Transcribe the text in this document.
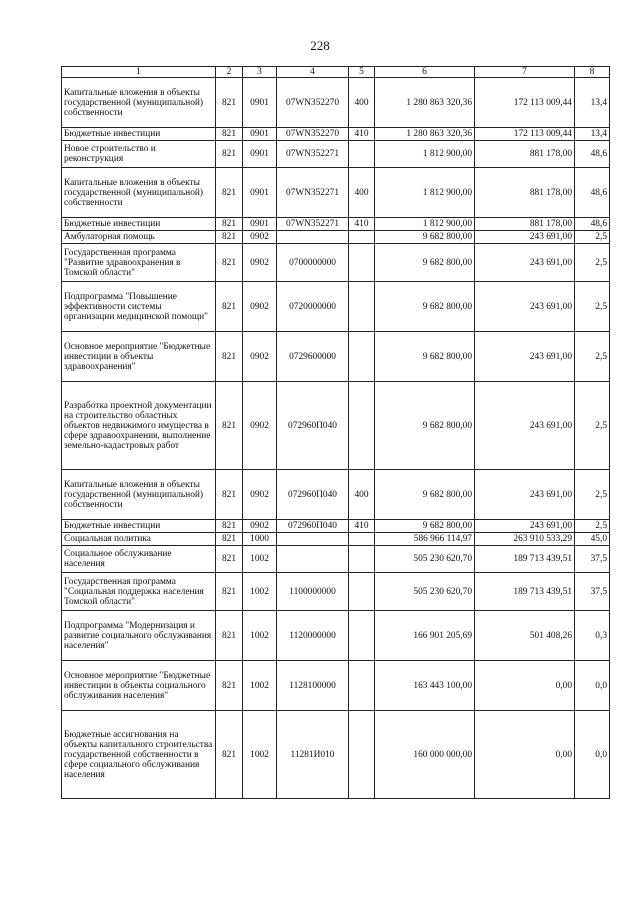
228
1	2	3	4	5	6	7	8
Капитальные вложения в объекты государственной (муниципальной) собственности	821	0901	07WN352270	400	1 280 863 320,36	172 113 009,44	13,4
Бюджетные инвестиции	821	0901	07WN352270	410	1 280 863 320,36	172 113 009,44	13,4
Новое строительство и реконструкция	821	0901	07WN352271		1 812 900,00	881 178,00	48,6
Капитальные вложения в объекты государственной (муниципальной) собственности	821	0901	07WN352271	400	1 812 900,00	881 178,00	48,6
Бюджетные инвестиции	821	0901	07WN352271	410	1 812 900,00	881 178,00	48,6
Амбулаторная помощь	821	0902			9 682 800,00	243 691,00	2,5
Государственная программа "Развитие здравоохранения в Томской области"	821	0902	0700000000		9 682 800,00	243 691,00	2,5
Подпрограмма "Повышение эффективности системы организации медицинской помощи"	821	0902	0720000000		9 682 800,00	243 691,00	2,5
Основное мероприятие "Бюджетные инвестиции в объекты здравоохранения"	821	0902	0729600000		9 682 800,00	243 691,00	2,5
Разработка проектной документации на строительство областных объектов недвижимого имущества в сфере здравоохранения, выполнение земельно-кадастровых работ	821	0902	072960П040		9 682 800,00	243 691,00	2,5
Капитальные вложения в объекты государственной (муниципальной) собственности	821	0902	072960П040	400	9 682 800,00	243 691,00	2,5
Бюджетные инвестиции	821	0902	072960П040	410	9 682 800,00	243 691,00	2,5
Социальная политика	821	1000			586 966 114,97	263 910 533,29	45,0
Социальное обслуживание населения	821	1002			505 230 620,70	189 713 439,51	37,5
Государственная программа "Социальная поддержка населения Томской области"	821	1002	1100000000		505 230 620,70	189 713 439,51	37,5
Подпрограмма "Модернизация и развитие социального обслуживания населения"	821	1002	1120000000		166 901 205,69	501 408,26	0,3
Основное мероприятие "Бюджетные инвестиции в объекты социального обслуживания населения"	821	1002	1128100000		163 443 100,00	0,00	0,0
Бюджетные ассигнования на объекты капитального строительства государственной собственности в сфере социального обслуживания населения	821	1002	11281И010		160 000 000,00	0,00	0,0
